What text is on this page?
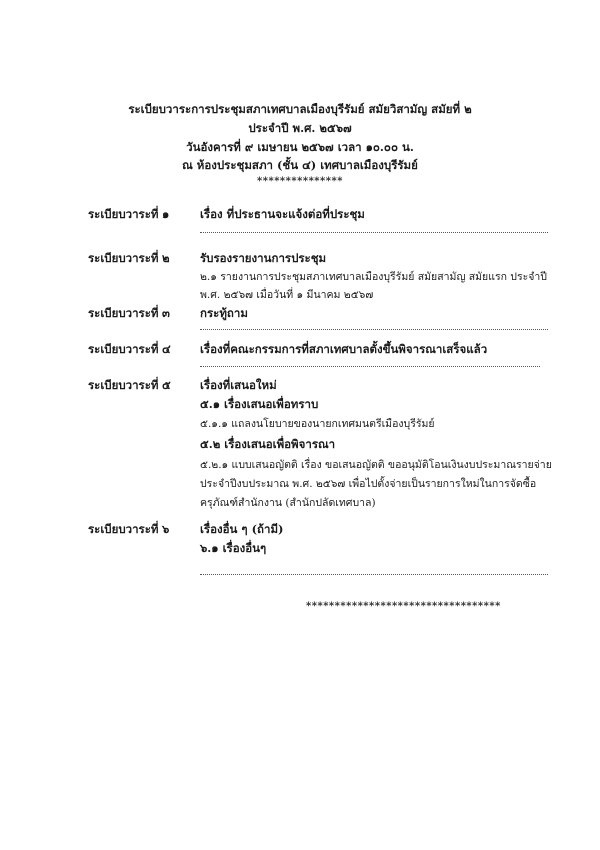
ระเบียบวาระการประชุมสภาเทศบาลเมืองบุรีรัมย์ สมัยวิสามัญ สมัยที่ ๒
ประจำปี พ.ศ. ๒๕๖๗
วันอังคารที่ ๙ เมษายน ๒๕๖๗ เวลา ๑๐.๐๐ น.
ณ ห้องประชุมสภา (ชั้น ๔) เทศบาลเมืองบุรีรัมย์
***************
ระเบียบวาระที่ ๑	เรื่อง ที่ประธานจะแจ้งต่อที่ประชุม
ระเบียบวาระที่ ๒	รับรองรายงานการประชุม
๒.๑ รายงานการประชุมสภาเทศบาลเมืองบุรีรัมย์ สมัยสามัญ สมัยแรก ประจำปี
พ.ศ. ๒๕๖๗ เมื่อวันที่ ๑ มีนาคม ๒๕๖๗
ระเบียบวาระที่ ๓	กระทู้ถาม
ระเบียบวาระที่ ๔	เรื่องที่คณะกรรมการที่สภาเทศบาลตั้งขึ้นพิจารณาเสร็จแล้ว
ระเบียบวาระที่ ๕	เรื่องที่เสนอใหม่
๕.๑ เรื่องเสนอเพื่อทราบ
๕.๑.๑ แถลงนโยบายของนายกเทศมนตรีเมืองบุรีรัมย์
๕.๒ เรื่องเสนอเพื่อพิจารณา
๕.๒.๑ แบบเสนอญัตติ เรื่อง ขอเสนอญัตติ ขออนุมัติโอนเงินงบประมาณรายจ่าย
ประจำปีงบประมาณ พ.ศ. ๒๕๖๗ เพื่อไปตั้งจ่ายเป็นรายการใหม่ในการจัดซื้อ
ครุภัณฑ์สำนักงาน (สำนักปลัดเทศบาล)
ระเบียบวาระที่ ๖	เรื่องอื่น ๆ (ถ้ามี)
๖.๑ เรื่องอื่นๆ
**********************************
